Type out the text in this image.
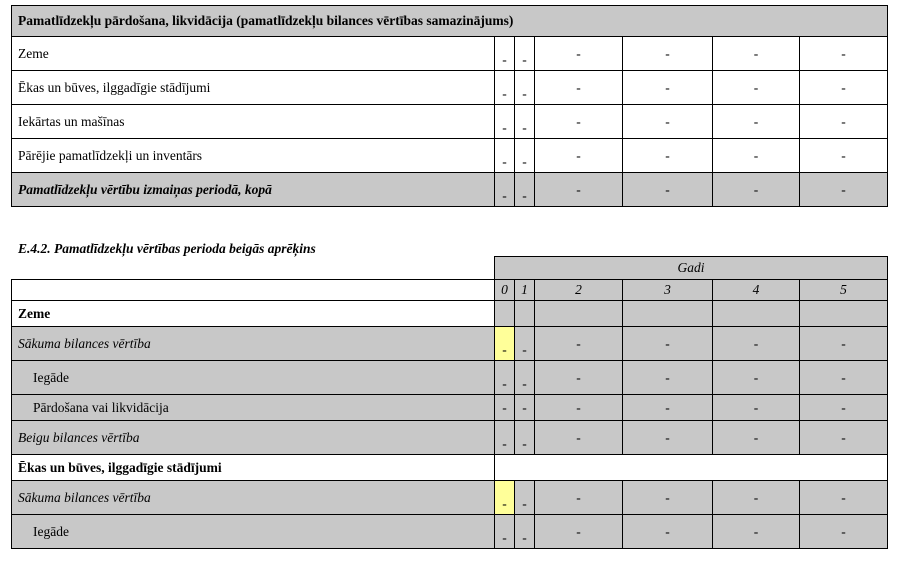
Pamatlīdzekļu pārdošana, likvidācija (pamatlīdzekļu bilances vērtības samazinājums)						
Zeme	-	-	-	-	-	-
Ēkas un būves, ilggadīgie stādījumi	-	-	-	-	-	-
Iekārtas un mašīnas	-	-	-	-	-	-
Pārējie pamatlīdzekļi un inventārs	-	-	-	-	-	-
Pamatlīdzekļu vērtību izmaiņas periodā, kopā	-	-	-	-	-	-
E.4.2. Pamatlīdzekļu vērtības perioda beigās aprēķins
	Gadi					
	0	1	2	3	4	5
Zeme						
Sākuma bilances vērtība	-	-	-	-	-	-
Iegāde	-	-	-	-	-	-
Pārdošana vai likvidācija	-	-	-	-	-	-
Beigu bilances vērtība	-	-	-	-	-	-
Ēkas un būves, ilggadīgie stādījumi						
Sākuma bilances vērtība	-	-	-	-	-	-
Iegāde	-	-	-	-	-	-
